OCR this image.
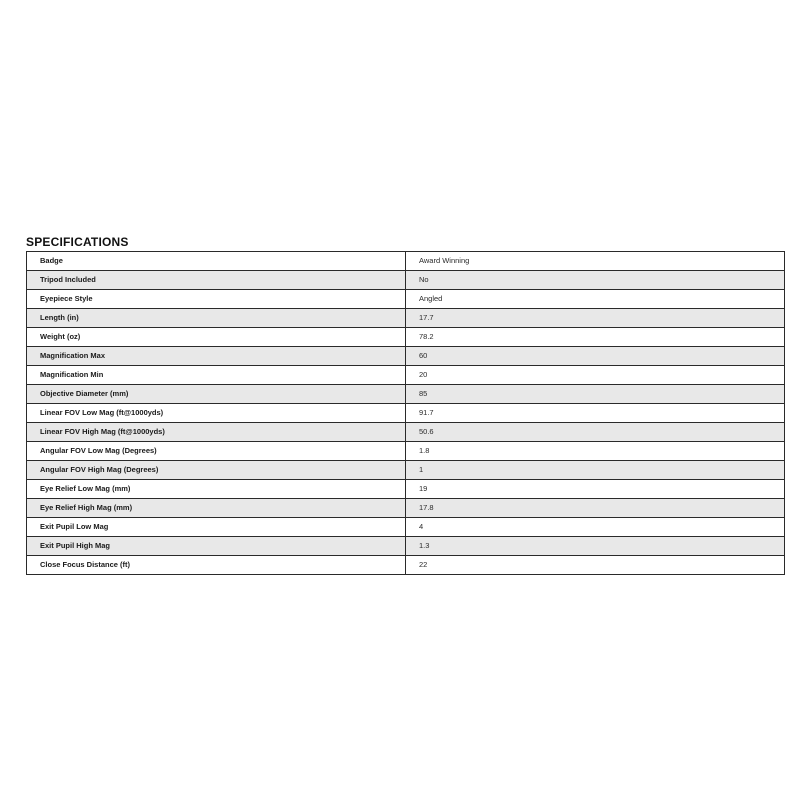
SPECIFICATIONS
Badge	Award Winning
Tripod Included	No
Eyepiece Style	Angled
Length (in)	17.7
Weight (oz)	78.2
Magnification Max	60
Magnification Min	20
Objective Diameter (mm)	85
Linear FOV Low Mag (ft@1000yds)	91.7
Linear FOV High Mag (ft@1000yds)	50.6
Angular FOV Low Mag (Degrees)	1.8
Angular FOV High Mag (Degrees)	1
Eye Relief Low Mag (mm)	19
Eye Relief High Mag (mm)	17.8
Exit Pupil Low Mag	4
Exit Pupil High Mag	1.3
Close Focus Distance (ft)	22
